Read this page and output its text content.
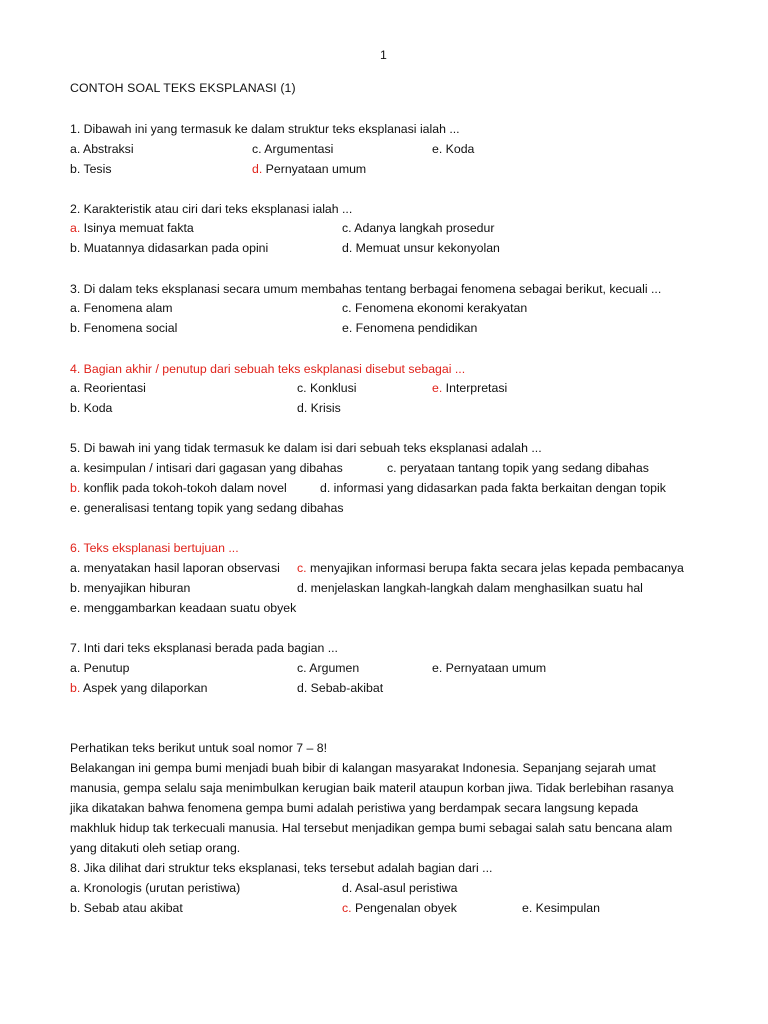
1
CONTOH SOAL TEKS EKSPLANASI (1)
1. Dibawah ini yang termasuk ke dalam struktur teks eksplanasi ialah ...
a. Abstraksi	c. Argumentasi	e. Koda
b. Tesis	d. Pernyataan umum
2. Karakteristik atau ciri dari teks eksplanasi ialah ...
a. Isinya memuat fakta	c. Adanya langkah prosedur
b. Muatannya didasarkan pada opini	d. Memuat unsur kekonyolan
3. Di dalam teks eksplanasi secara umum membahas tentang berbagai fenomena sebagai berikut, kecuali ...
a. Fenomena alam	c. Fenomena ekonomi kerakyatan
b. Fenomena social	e. Fenomena pendidikan
4. Bagian akhir / penutup dari sebuah teks eskplanasi disebut sebagai ...
a. Reorientasi	c. Konklusi	e. Interpretasi
b. Koda	d. Krisis
5. Di bawah ini yang tidak termasuk ke dalam isi dari sebuah teks eksplanasi adalah ...
a. kesimpulan / intisari dari gagasan yang dibahas	c. peryataan tantang topik yang sedang dibahas
b. konflik pada tokoh-tokoh dalam novel	d. informasi yang didasarkan pada fakta berkaitan dengan topik
e. generalisasi tentang topik yang sedang dibahas
6. Teks eksplanasi bertujuan ...
a. menyatakan hasil laporan observasi c. menyajikan informasi berupa fakta secara jelas kepada pembacanya
b. menyajikan hiburan	d. menjelaskan langkah-langkah dalam menghasilkan suatu hal
e. menggambarkan keadaan suatu obyek
7. Inti dari teks eksplanasi berada pada bagian ...
a. Penutup	c. Argumen	e. Pernyataan umum
b. Aspek yang dilaporkan	d. Sebab-akibat
Perhatikan teks berikut untuk soal nomor 7 – 8!
Belakangan ini gempa bumi menjadi buah bibir di kalangan masyarakat Indonesia. Sepanjang sejarah umat
manusia, gempa selalu saja menimbulkan kerugian baik materil ataupun korban jiwa. Tidak berlebihan rasanya
jika dikatakan bahwa fenomena gempa bumi adalah peristiwa yang berdampak secara langsung kepada
makhluk hidup tak terkecuali manusia. Hal tersebut menjadikan gempa bumi sebagai salah satu bencana alam
yang ditakuti oleh setiap orang.
8. Jika dilihat dari struktur teks eksplanasi, teks tersebut adalah bagian dari ...
a. Kronologis (urutan peristiwa)	d. Asal-asul peristiwa
b. Sebab atau akibat	c. Pengenalan obyek	e. Kesimpulan
